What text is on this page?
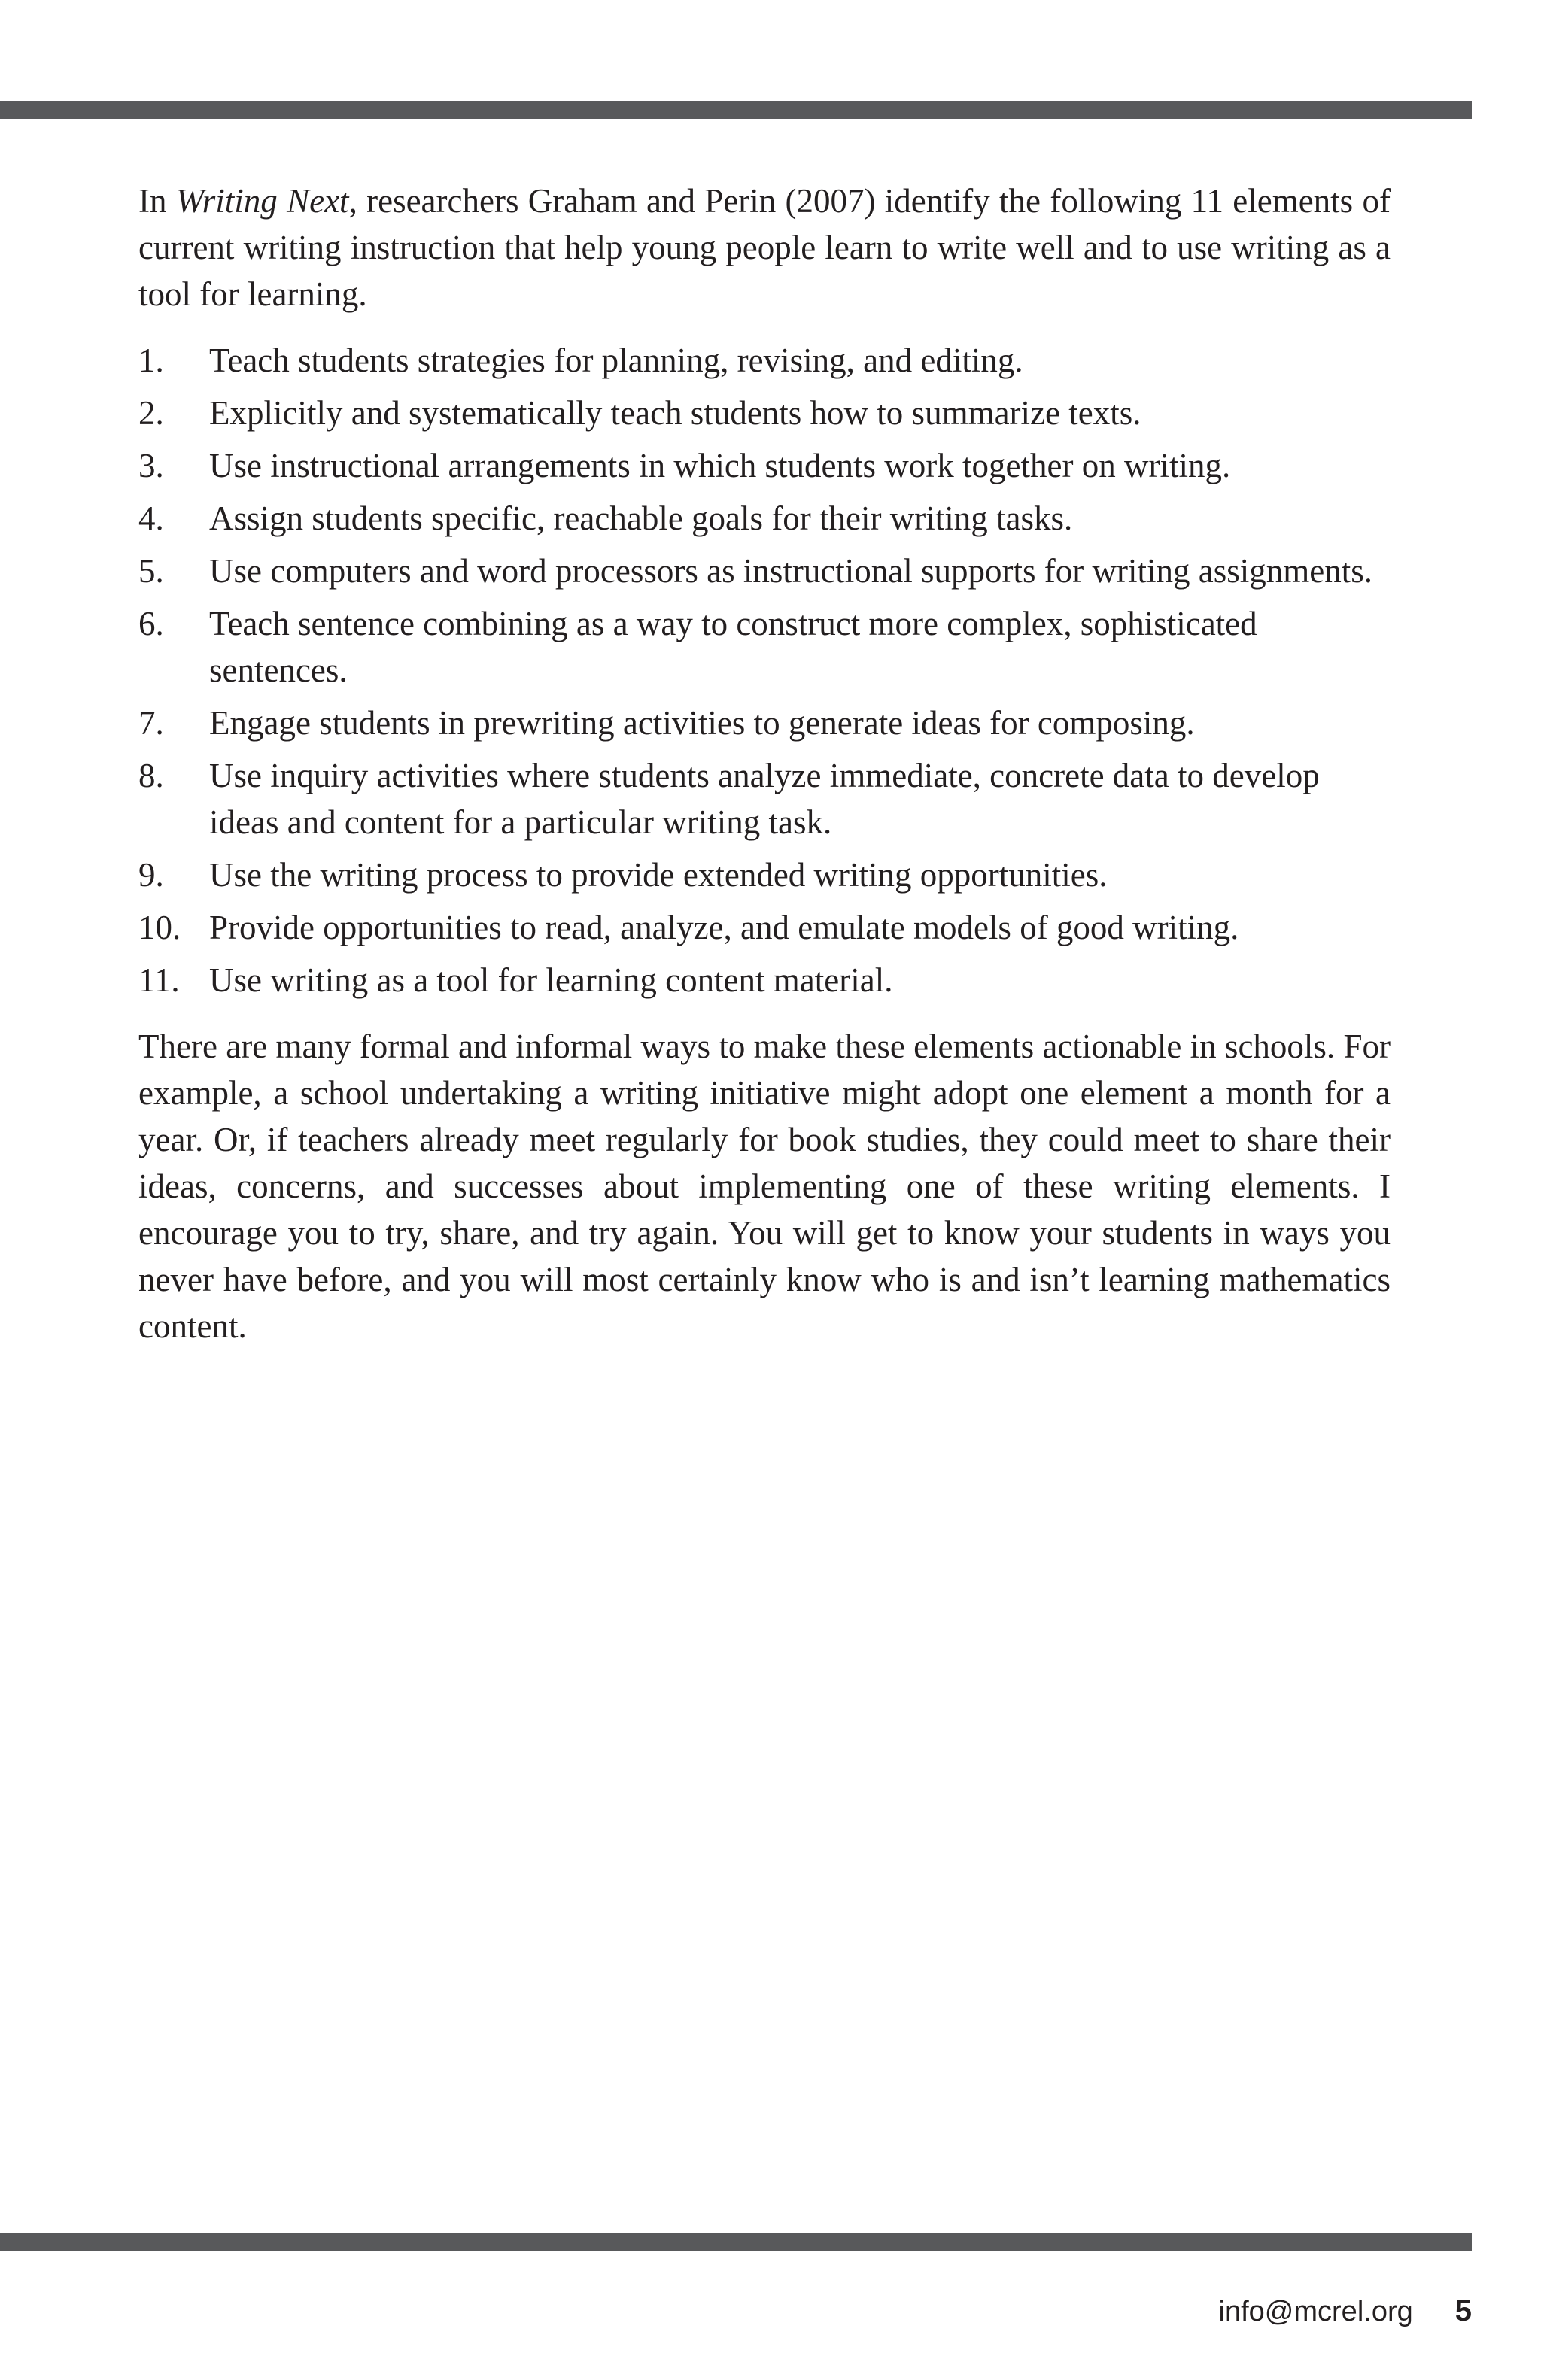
In Writing Next, researchers Graham and Perin (2007) identify the following 11 elements of current writing instruction that help young people learn to write well and to use writing as a tool for learning.

1. Teach students strategies for planning, revising, and editing.
2. Explicitly and systematically teach students how to summarize texts.
3. Use instructional arrangements in which students work together on writing.
4. Assign students specific, reachable goals for their writing tasks.
5. Use computers and word processors as instructional supports for writing assignments.
6. Teach sentence combining as a way to construct more complex, sophisticated sentences.
7. Engage students in prewriting activities to generate ideas for composing.
8. Use inquiry activities where students analyze immediate, concrete data to develop ideas and content for a particular writing task.
9. Use the writing process to provide extended writing opportunities.
10. Provide opportunities to read, analyze, and emulate models of good writing.
11. Use writing as a tool for learning content material.

There are many formal and informal ways to make these elements actionable in schools. For example, a school undertaking a writing initiative might adopt one element a month for a year. Or, if teachers already meet regularly for book studies, they could meet to share their ideas, concerns, and successes about implementing one of these writing elements. I encourage you to try, share, and try again. You will get to know your students in ways you never have before, and you will most certainly know who is and isn’t learning mathematics content.

info@mcrel.org 5
